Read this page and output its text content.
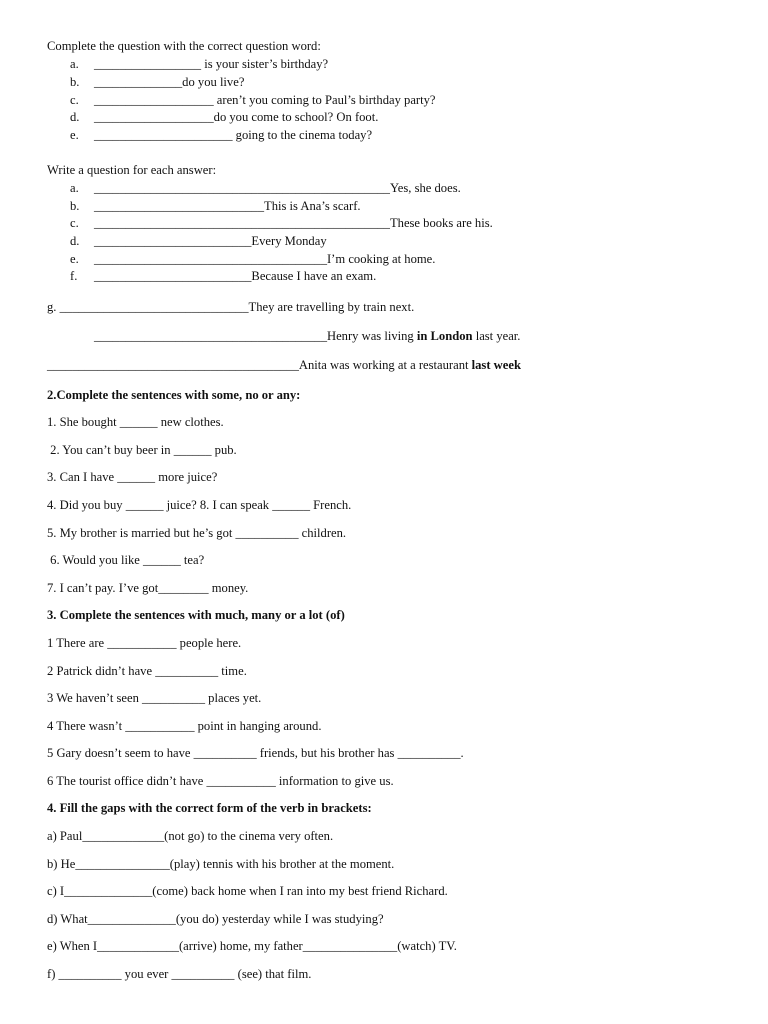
Complete the question with the correct question word:
a. _________________ is your sister’s birthday?
b. ______________do you live?
c. ___________________ aren’t you coming to Paul’s birthday party?
d. ___________________do you come to school? On foot.
e. ______________________ going to the cinema today?
Write a question for each answer:
a. _______________________________________________Yes, she does.
b. ___________________________This is Ana’s scarf.
c. _______________________________________________These books are his.
d. _________________________Every Monday
e. _____________________________________I’m cooking at home.
f. _________________________Because I have an exam.
g. ______________________________They are travelling by train next.
_____________________________________Henry was living in London last year.
________________________________________Anita was working at a restaurant last week
2.Complete the sentences with some, no or any:
1. She bought ______ new clothes.
2. You can’t buy beer in ______ pub.
3. Can I have ______ more juice?
4. Did you buy ______ juice? 8. I can speak ______ French.
5. My brother is married but he’s got __________ children.
6. Would you like ______ tea?
7. I can’t pay. I’ve got________ money.
3. Complete the sentences with much, many or a lot (of)
1 There are ___________ people here.
2 Patrick didn’t have __________ time.
3 We haven’t seen __________ places yet.
4 There wasn’t ___________ point in hanging around.
5 Gary doesn’t seem to have __________ friends, but his brother has __________.
6 The tourist office didn’t have ___________ information to give us.
4. Fill the gaps with the correct form of the verb in brackets:
a) Paul_____________(not go) to the cinema very often.
b) He_______________(play) tennis with his brother at the moment.
c) I______________(come) back home when I ran into my best friend Richard.
d) What______________(you do) yesterday while I was studying?
e) When I_____________(arrive) home, my father_______________(watch) TV.
f) __________ you ever __________ (see) that film.
